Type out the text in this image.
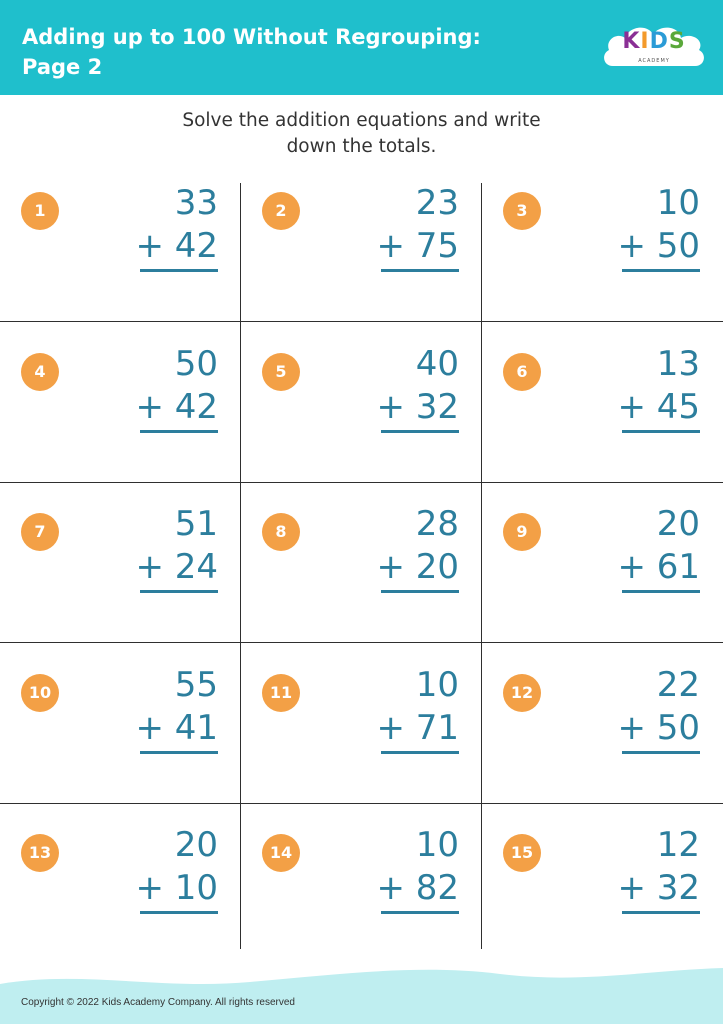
Adding up to 100 Without Regrouping:
Page 2
KIDS
ACADEMY
Solve the addition equations and write
down the totals.
1	33
+ 42
2	23
+ 75
3	10
+ 50
4	50
+ 42
5	40
+ 32
6	13
+ 45
7	51
+ 24
8	28
+ 20
9	20
+ 61
10	55
+ 41
11	10
+ 71
12	22
+ 50
13	20
+ 10
14	10
+ 82
15	12
+ 32
Copyright © 2022 Kids Academy Company. All rights reserved
